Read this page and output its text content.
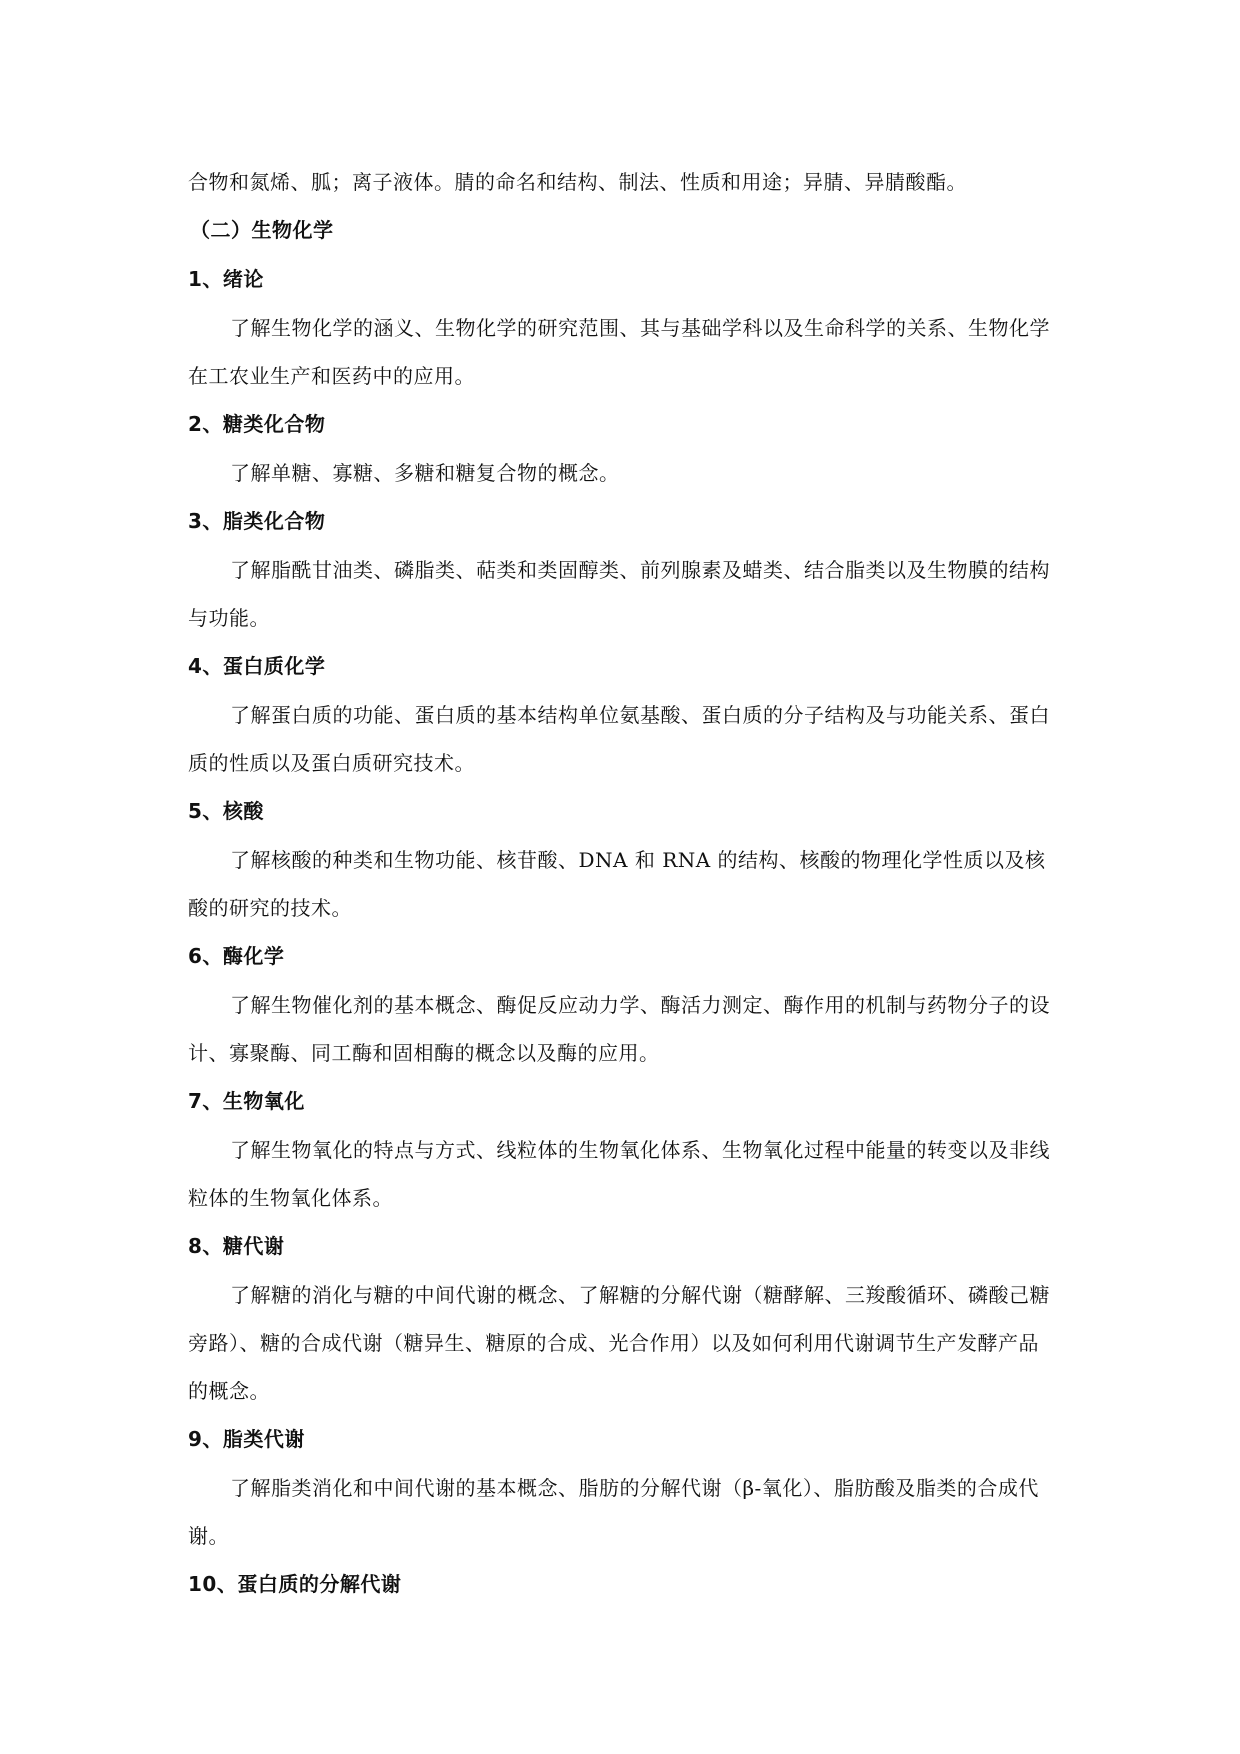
合物和氮烯、胍；离子液体。腈的命名和结构、制法、性质和用途；异腈、异腈酸酯。

（二）生物化学

1、绪论

了解生物化学的涵义、生物化学的研究范围、其与基础学科以及生命科学的关系、生物化学在工农业生产和医药中的应用。

2、糖类化合物

了解单糖、寡糖、多糖和糖复合物的概念。

3、脂类化合物

了解脂酰甘油类、磷脂类、萜类和类固醇类、前列腺素及蜡类、结合脂类以及生物膜的结构与功能。

4、蛋白质化学

了解蛋白质的功能、蛋白质的基本结构单位氨基酸、蛋白质的分子结构及与功能关系、蛋白质的性质以及蛋白质研究技术。

5、核酸

了解核酸的种类和生物功能、核苷酸、DNA 和 RNA 的结构、核酸的物理化学性质以及核酸的研究的技术。

6、酶化学

了解生物催化剂的基本概念、酶促反应动力学、酶活力测定、酶作用的机制与药物分子的设计、寡聚酶、同工酶和固相酶的概念以及酶的应用。

7、生物氧化

了解生物氧化的特点与方式、线粒体的生物氧化体系、生物氧化过程中能量的转变以及非线粒体的生物氧化体系。

8、糖代谢

了解糖的消化与糖的中间代谢的概念、了解糖的分解代谢（糖酵解、三羧酸循环、磷酸己糖旁路）、糖的合成代谢（糖异生、糖原的合成、光合作用）以及如何利用代谢调节生产发酵产品的概念。

9、脂类代谢

了解脂类消化和中间代谢的基本概念、脂肪的分解代谢（β-氧化）、脂肪酸及脂类的合成代谢。

10、蛋白质的分解代谢
